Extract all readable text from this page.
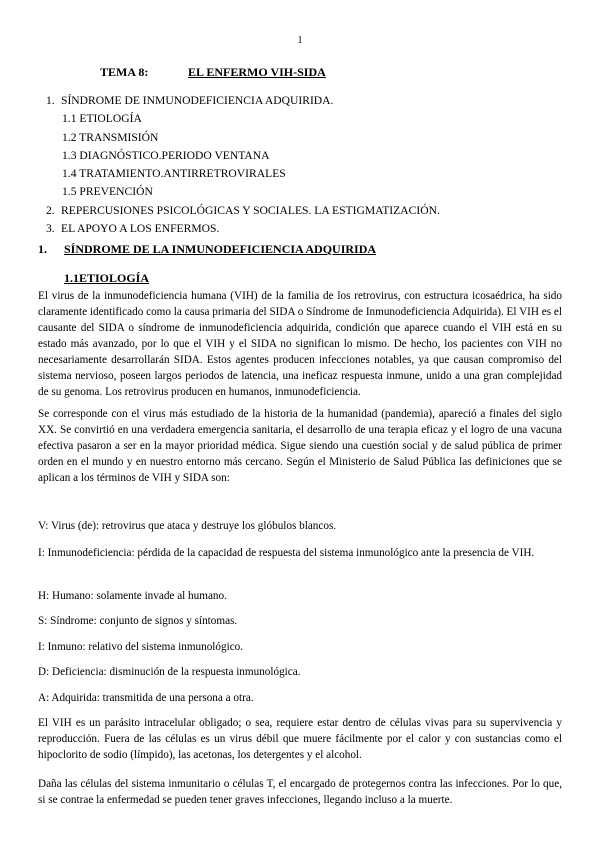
1
TEMA 8:	EL ENFERMO VIH-SIDA
1. SÍNDROME DE INMUNODEFICIENCIA ADQUIRIDA.
1.1 ETIOLOGÍA
1.2 TRANSMISIÓN
1.3 DIAGNÓSTICO.PERIODO VENTANA
1.4 TRATAMIENTO.ANTIRRETROVIRALES
1.5 PREVENCIÓN
2. REPERCUSIONES PSICOLÓGICAS Y SOCIALES. LA ESTIGMATIZACIÓN.
3. EL APOYO A LOS ENFERMOS.
1. SÍNDROME DE LA INMUNODEFICIENCIA ADQUIRIDA
1.1ETIOLOGÍA

El virus de la inmunodeficiencia humana (VIH) de la familia de los retrovirus, con estructura icosaédrica, ha sido claramente identificado como la causa primaria del SIDA o Síndrome de Inmunodeficiencia Adquirida). El VIH es el causante del SIDA o síndrome de inmunodeficiencia adquirida, condición que aparece cuando el VIH está en su estado más avanzado, por lo que el VIH y el SIDA no significan lo mismo. De hecho, los pacientes con VIH no necesariamente desarrollarán SIDA. Estos agentes producen infecciones notables, ya que causan compromiso del sistema nervioso, poseen largos periodos de latencia, una ineficaz respuesta inmune, unido a una gran complejidad de su genoma. Los retrovirus producen en humanos, inmunodeficiencia.

Se corresponde con el virus más estudiado de la historia de la humanidad (pandemia), apareció a finales del siglo XX. Se convirtió en una verdadera emergencia sanitaria, el desarrollo de una terapia eficaz y el logro de una vacuna efectiva pasaron a ser en la mayor prioridad médica. Sigue siendo una cuestión social y de salud pública de primer orden en el mundo y en nuestro entorno más cercano. Según el Ministerio de Salud Pública las definiciones que se aplican a los términos de VIH y SIDA son:

V: Virus (de): retrovirus que ataca y destruye los glóbulos blancos.

I: Inmunodeficiencia: pérdida de la capacidad de respuesta del sistema inmunológico ante la presencia de VIH.

H: Humano: solamente invade al humano.

S: Síndrome: conjunto de signos y síntomas.

I: Inmuno: relativo del sistema inmunológico.

D: Deficiencia: disminución de la respuesta inmunológica.

A: Adquirida: transmitida de una persona a otra.

El VIH es un parásito intracelular obligado; o sea, requiere estar dentro de células vivas para su supervivencia y reproducción. Fuera de las células es un virus débil que muere fácilmente por el calor y con sustancias como el hipoclorito de sodio (límpido), las acetonas, los detergentes y el alcohol.

Daña las células del sistema inmunitario o células T, el encargado de protegernos contra las infecciones. Por lo que, si se contrae la enfermedad se pueden tener graves infecciones, llegando incluso a la muerte.
